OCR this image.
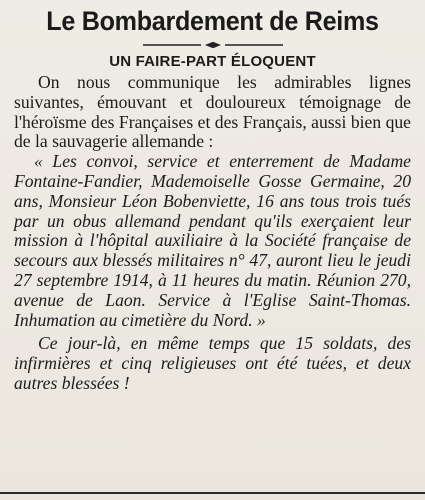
Le Bombardement de Reims
UN FAIRE-PART ÉLOQUENT

On nous communique les admirables lignes suivantes, émouvant et douloureux témoignage de l'héroïsme des Françaises et des Français, aussi bien que de la sauvagerie allemande :

« Les convoi, service et enterrement de Madame Fontaine-Fandier, Mademoiselle Gosse Germaine, 20 ans, Monsieur Léon Bobenviette, 16 ans tous trois tués par un obus allemand pendant qu'ils exerçaient leur mission à l'hôpital auxiliaire à la Société française de secours aux blessés militaires n° 47, auront lieu le jeudi 27 septembre 1914, à 11 heures du matin. Réunion 270, avenue de Laon. Service à l'Eglise Saint-Thomas. Inhumation au cimetière du Nord. »

Ce jour-là, en même temps que 15 soldats, des infirmières et cinq religieuses ont été tuées, et deux autres blessées !
